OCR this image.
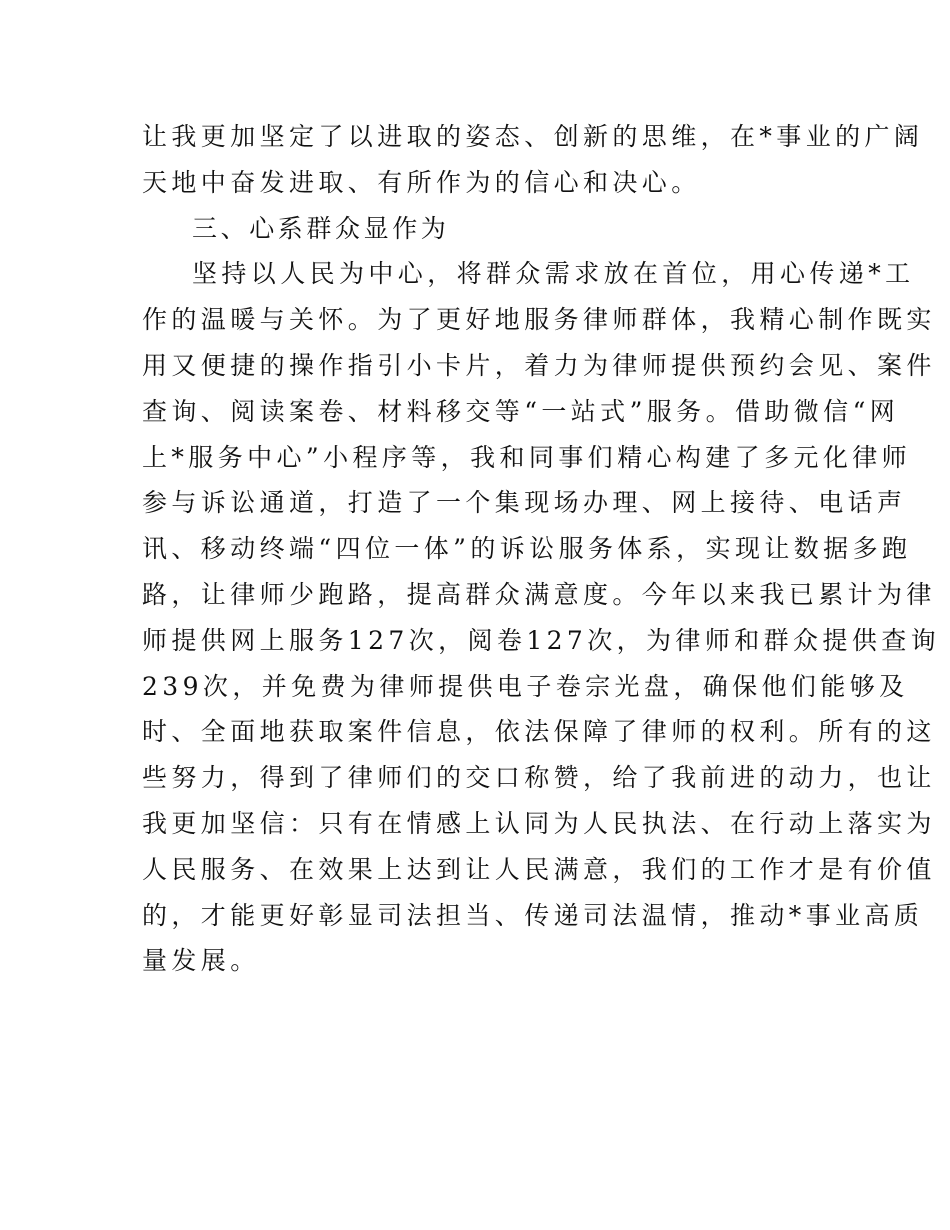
让我更加坚定了以进取的姿态、创新的思维，在*事业的广阔

天地中奋发进取、有所作为的信心和决心。

三、心系群众显作为

坚持以人民为中心，将群众需求放在首位，用心传递*工

作的温暖与关怀。为了更好地服务律师群体，我精心制作既实

用又便捷的操作指引小卡片，着力为律师提供预约会见、案件

查询、阅读案卷、材料移交等“一站式”服务。借助微信“网

上*服务中心”小程序等，我和同事们精心构建了多元化律师

参与诉讼通道，打造了一个集现场办理、网上接待、电话声

讯、移动终端“四位一体”的诉讼服务体系，实现让数据多跑

路，让律师少跑路，提高群众满意度。今年以来我已累计为律

师提供网上服务127次，阅卷127次，为律师和群众提供查询

239次，并免费为律师提供电子卷宗光盘，确保他们能够及

时、全面地获取案件信息，依法保障了律师的权利。所有的这

些努力，得到了律师们的交口称赞，给了我前进的动力，也让

我更加坚信：只有在情感上认同为人民执法、在行动上落实为

人民服务、在效果上达到让人民满意，我们的工作才是有价值

的，才能更好彰显司法担当、传递司法温情，推动*事业高质

量发展。
